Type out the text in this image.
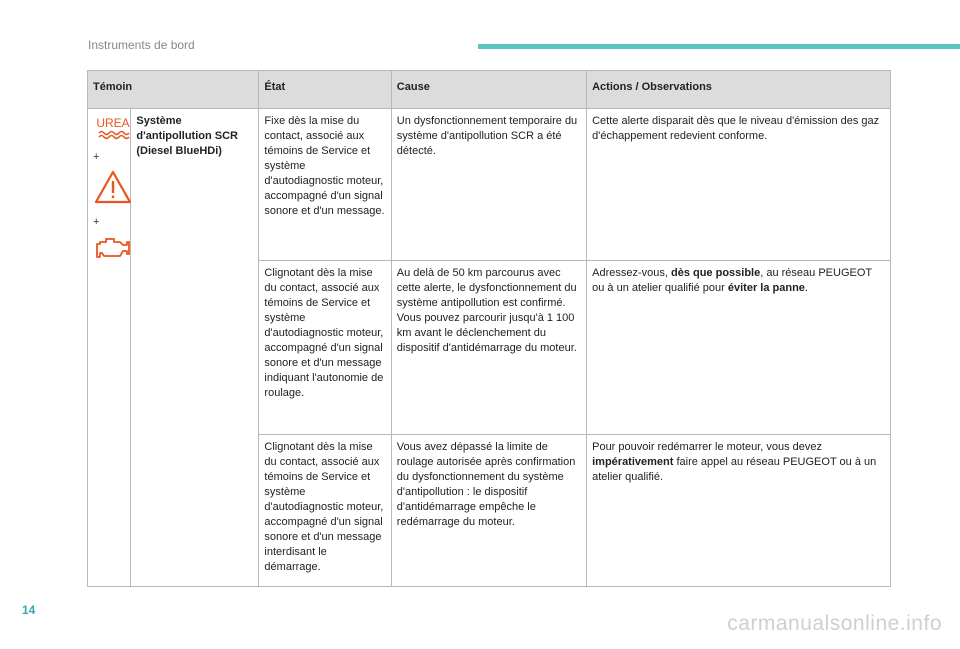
Instruments de bord
Témoin		État	Cause	Actions / Observations

UREA
+
+	Système d'antipollution SCR (Diesel BlueHDi)	Fixe dès la mise du contact, associé aux témoins de Service et système d'autodiagnostic moteur, accompagné d'un signal sonore et d'un message.	Un dysfonctionnement temporaire du système d'antipollution SCR a été détecté.	Cette alerte disparait dès que le niveau d'émission des gaz d'échappement redevient conforme.
		Clignotant dès la mise du contact, associé aux témoins de Service et système d'autodiagnostic moteur, accompagné d'un signal sonore et d'un message indiquant l'autonomie de roulage.	Au delà de 50 km parcourus avec cette alerte, le dysfonctionnement du système antipollution est confirmé. Vous pouvez parcourir jusqu'à 1 100 km avant le déclenchement du dispositif d'antidémarrage du moteur.	Adressez-vous, dès que possible, au réseau PEUGEOT ou à un atelier qualifié pour éviter la panne.
		Clignotant dès la mise du contact, associé aux témoins de Service et système d'autodiagnostic moteur, accompagné d'un signal sonore et d'un message interdisant le démarrage.	Vous avez dépassé la limite de roulage autorisée après confirmation du dysfonctionnement du système d'antipollution : le dispositif d'antidémarrage empêche le redémarrage du moteur.	Pour pouvoir redémarrer le moteur, vous devez impérativement faire appel au réseau PEUGEOT ou à un atelier qualifié.
14
carmanualsonline.info
